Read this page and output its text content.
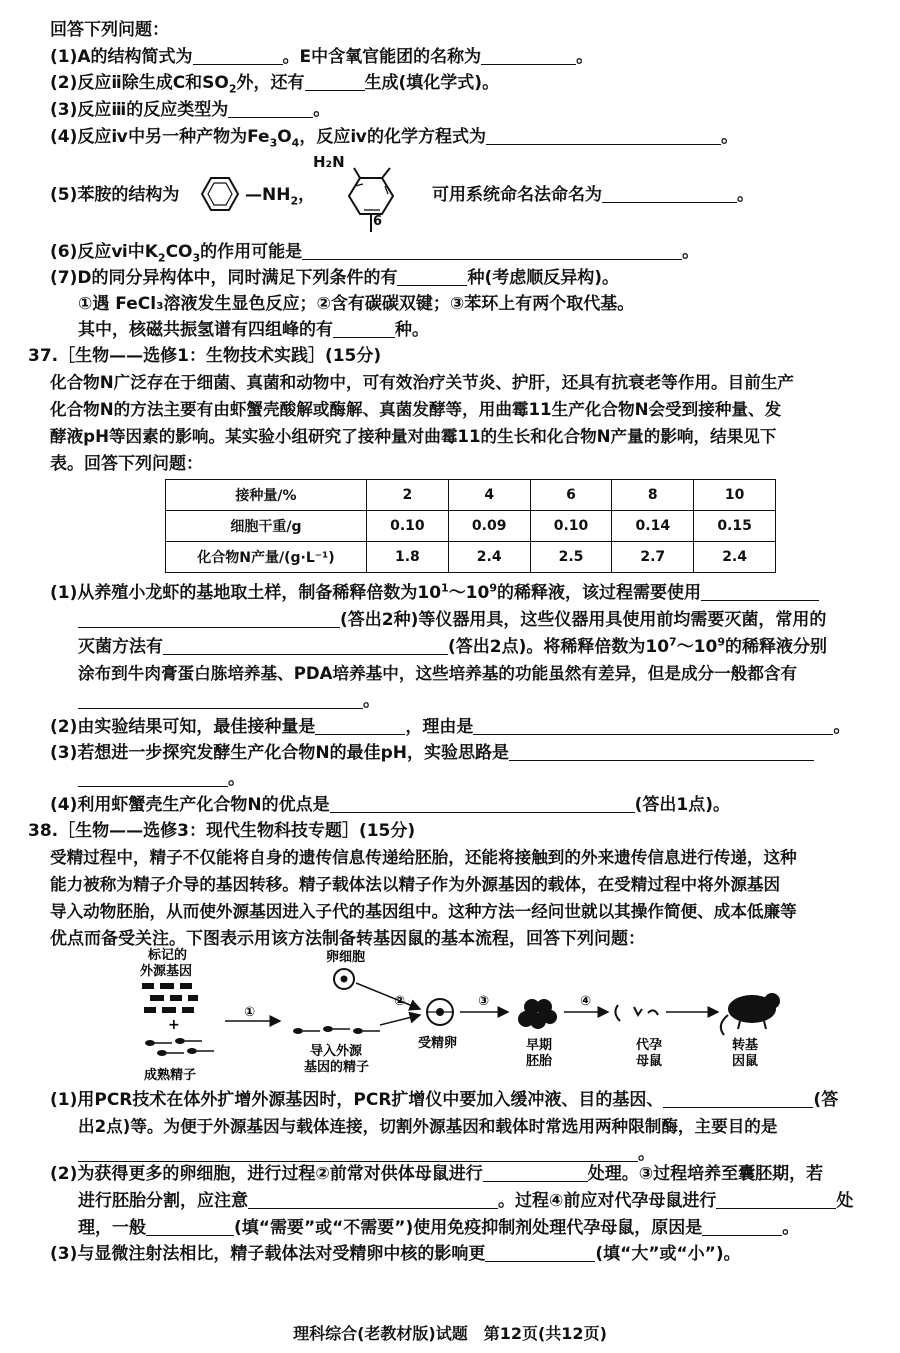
回答下列问题：
(1)A的结构简式为	。E中含氧官能团的名称为	。
(2)反应ⅱ除生成C和$SO_2$外，还有	生成(填化学式)。
(3)反应ⅲ的反应类型为	。
(4)反应ⅳ中另一种产物为$Fe_3O_4$，反应ⅳ的化学方程式为	。
(5)苯胺的结构为	$—NH_2$，
H₂N
6
可用系统命名法命名为	。
(6)反应ⅵ中$K_2CO_3$的作用可能是	。
(7)D的同分异构体中，同时满足下列条件的有	种(考虑顺反异构)。
①遇 FeCl₃溶液发生显色反应；②含有碳碳双键；③苯环上有两个取代基。
其中，核磁共振氢谱有四组峰的有	种。
37.［生物——选修1：生物技术实践］(15分)
化合物N广泛存在于细菌、真菌和动物中，可有效治疗关节炎、护肝，还具有抗衰老等作用。目前生产
化合物N的方法主要有由虾蟹壳酸解或酶解、真菌发酵等，用曲霉11生产化合物N会受到接种量、发
酵液pH等因素的影响。某实验小组研究了接种量对曲霉11的生长和化合物N产量的影响，结果见下
表。回答下列问题：
接种量/%	2	4	6	8	10
细胞干重/g	0.10	0.09	0.10	0.14	0.15
化合物N产量/(g·L⁻¹)	1.8	2.4	2.5	2.7	2.4
(1)从养殖小龙虾的基地取土样，制备稀释倍数为$10^1\sim 10^9$的稀释液，该过程需要使用
(答出2种)等仪器用具，这些仪器用具使用前均需要灭菌，常用的
灭菌方法有	(答出2点)。将稀释倍数为$10^7\sim 10^9$的稀释液分别
涂布到牛肉膏蛋白胨培养基、PDA培养基中，这些培养基的功能虽然有差异，但是成分一般都含有
。
(2)由实验结果可知，最佳接种量是	，理由是	。
(3)若想进一步探究发酵生产化合物N的最佳pH，实验思路是
。
(4)利用虾蟹壳生产化合物N的优点是	(答出1点)。
38.［生物——选修3：现代生物科技专题］(15分)
受精过程中，精子不仅能将自身的遗传信息传递给胚胎，还能将接触到的外来遗传信息进行传递，这种
能力被称为精子介导的基因转移。精子载体法以精子作为外源基因的载体，在受精过程中将外源基因
导入动物胚胎，从而使外源基因进入子代的基因组中。这种方法一经问世就以其操作简便、成本低廉等
优点而备受关注。下图表示用该方法制备转基因鼠的基本流程，回答下列问题：
标记的
外源基因
+
成熟精子
①
卵细胞
导入外源
基因的精子
②
受精卵
③
早期
胚胎
④
代孕
母鼠
转基
因鼠
(1)用PCR技术在体外扩增外源基因时，PCR扩增仪中要加入缓冲液、目的基因、	(答
出2点)等。为便于外源基因与载体连接，切割外源基因和载体时常选用两种限制酶，主要目的是
。
(2)为获得更多的卵细胞，进行过程②前常对供体母鼠进行	处理。③过程培养至囊胚期，若
进行胚胎分割，应注意	。过程④前应对代孕母鼠进行	处
理，一般	(填“需要”或“不需要”)使用免疫抑制剂处理代孕母鼠，原因是	。
(3)与显微注射法相比，精子载体法对受精卵中核的影响更	(填“大”或“小”)。
理科综合(老教材版)试题　第12页(共12页)
